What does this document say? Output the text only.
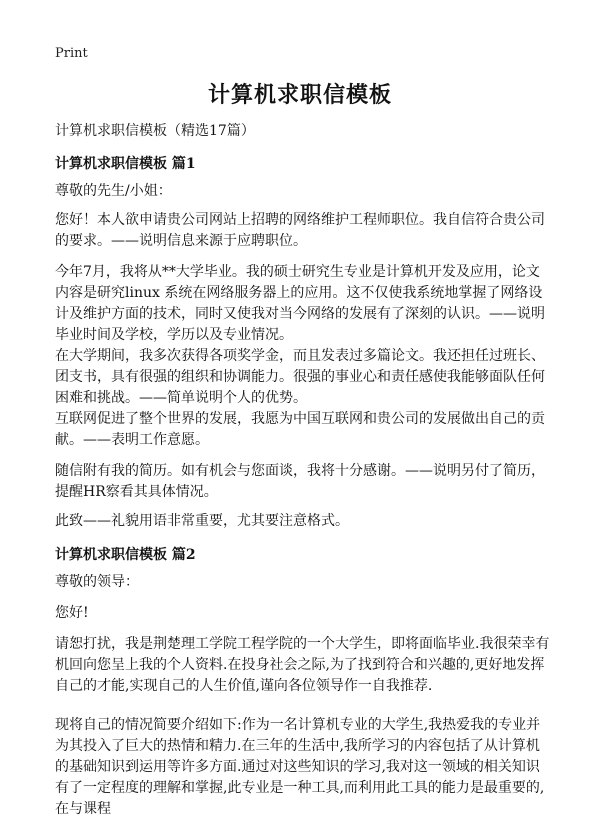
Print
计算机求职信模板
计算机求职信模板（精选17篇）
计算机求职信模板 篇1
尊敬的先生/小姐：
您好！本人欲申请贵公司网站上招聘的网络维护工程师职位。我自信符合贵公司的要求。——说明信息来源于应聘职位。
今年7月，我将从**大学毕业。我的硕士研究生专业是计算机开发及应用，论文内容是研究linux 系统在网络服务器上的应用。这不仅使我系统地掌握了网络设计及维护方面的技术，同时又使我对当今网络的发展有了深刻的认识。——说明毕业时间及学校，学历以及专业情况。
在大学期间，我多次获得各项奖学金，而且发表过多篇论文。我还担任过班长、团支书，具有很强的组织和协调能力。很强的事业心和责任感使我能够面队任何困难和挑战。——简单说明个人的优势。
互联网促进了整个世界的发展，我愿为中国互联网和贵公司的发展做出自己的贡献。——表明工作意愿。
随信附有我的简历。如有机会与您面谈，我将十分感谢。——说明另付了简历，提醒HR察看其具体情况。
此致——礼貌用语非常重要，尤其要注意格式。
计算机求职信模板 篇2
尊敬的领导：
您好!
请恕打扰，我是荆楚理工学院工程学院的一个大学生，即将面临毕业.我很荣幸有机回向您呈上我的个人资料.在投身社会之际,为了找到符合和兴趣的,更好地发挥自己的才能,实现自己的人生价值,谨向各位领导作一自我推荐.
现将自己的情况简要介绍如下:作为一名计算机专业的大学生,我热爱我的专业并为其投入了巨大的热情和精力.在三年的生活中,我所学习的内容包括了从计算机的基础知识到运用等许多方面.通过对这些知识的学习,我对这一领域的相关知识有了一定程度的理解和掌握,此专业是一种工具,而利用此工具的能力是最重要的,在与课程
